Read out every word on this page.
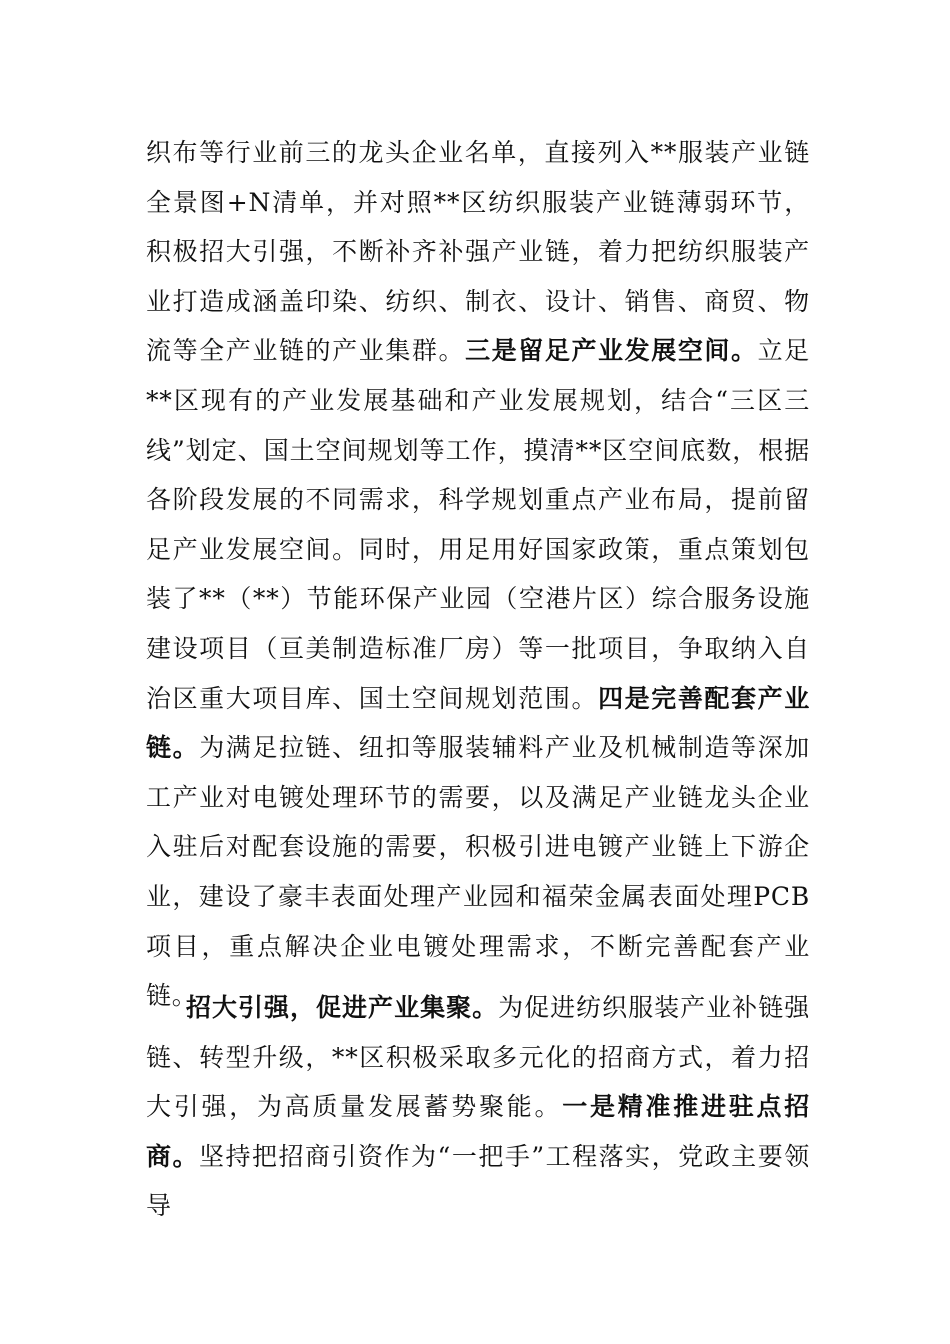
织布等行业前三的龙头企业名单，直接列入**服装产业链全景图+N清单，并对照**区纺织服装产业链薄弱环节，积极招大引强，不断补齐补强产业链，着力把纺织服装产业打造成涵盖印染、纺织、制衣、设计、销售、商贸、物流等全产业链的产业集群。三是留足产业发展空间。立足**区现有的产业发展基础和产业发展规划，结合“三区三线”划定、国土空间规划等工作，摸清**区空间底数，根据各阶段发展的不同需求，科学规划重点产业布局，提前留足产业发展空间。同时，用足用好国家政策，重点策划包装了**（**）节能环保产业园（空港片区）综合服务设施建设项目（亘美制造标准厂房）等一批项目，争取纳入自治区重大项目库、国土空间规划范围。四是完善配套产业链。为满足拉链、纽扣等服装辅料产业及机械制造等深加工产业对电镀处理环节的需要，以及满足产业链龙头企业入驻后对配套设施的需要，积极引进电镀产业链上下游企业，建设了豪丰表面处理产业园和福荣金属表面处理PCB项目，重点解决企业电镀处理需求，不断完善配套产业链。

招大引强，促进产业集聚。为促进纺织服装产业补链强链、转型升级，**区积极采取多元化的招商方式，着力招大引强，为高质量发展蓄势聚能。一是精准推进驻点招商。坚持把招商引资作为“一把手”工程落实，党政主要领导
